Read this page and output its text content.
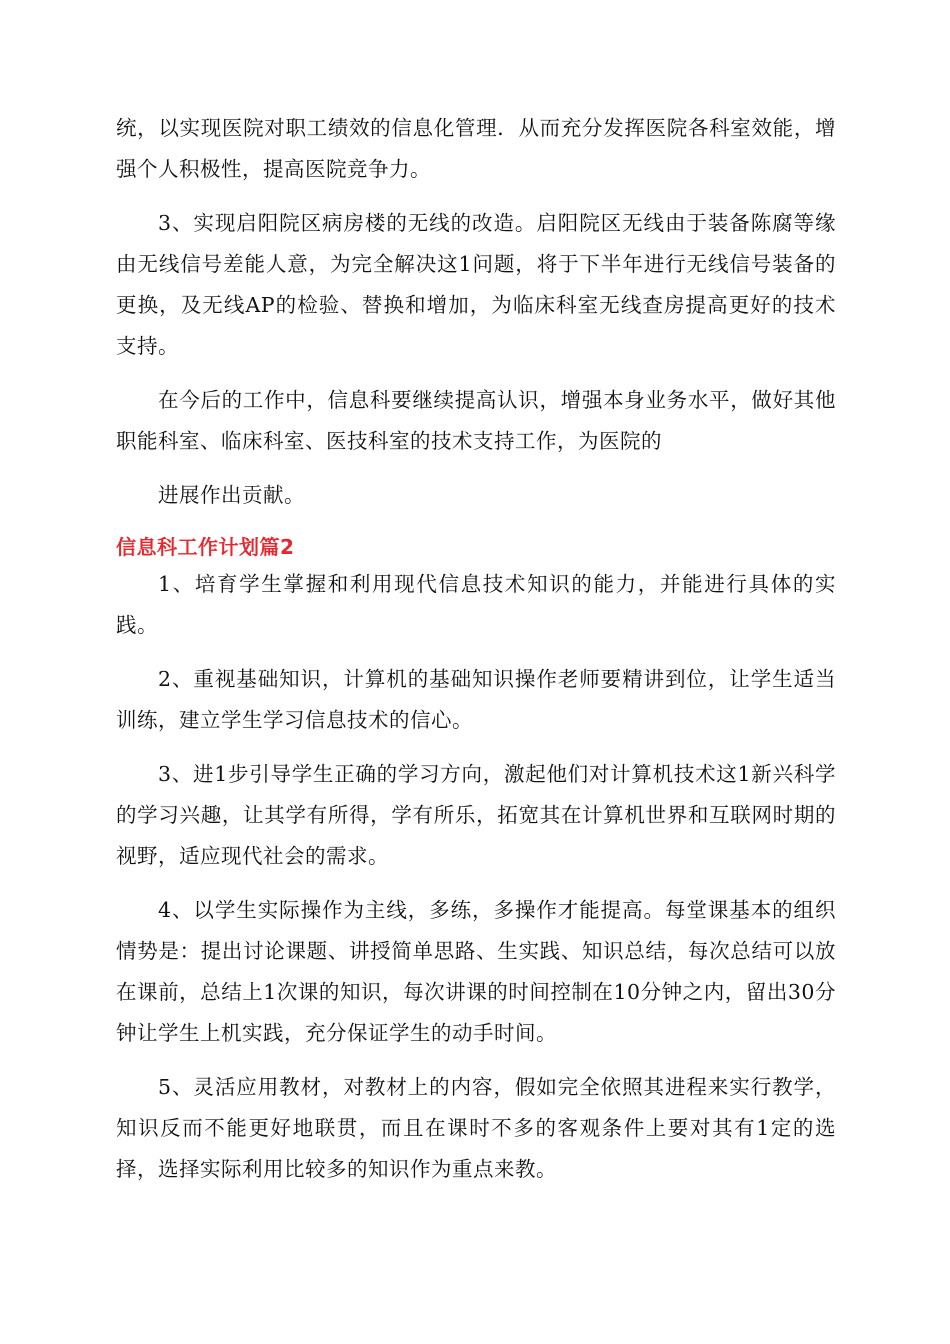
统，以实现医院对职工绩效的信息化管理．从而充分发挥医院各科室效能，增强个人积极性，提高医院竞争力。

3、实现启阳院区病房楼的无线的改造。启阳院区无线由于装备陈腐等缘由无线信号差能人意，为完全解决这1问题，将于下半年进行无线信号装备的更换，及无线AP的检验、替换和增加，为临床科室无线查房提高更好的技术支持。

在今后的工作中，信息科要继续提高认识，增强本身业务水平，做好其他职能科室、临床科室、医技科室的技术支持工作，为医院的

进展作出贡献。

信息科工作计划篇2

1、培育学生掌握和利用现代信息技术知识的能力，并能进行具体的实践。

2、重视基础知识，计算机的基础知识操作老师要精讲到位，让学生适当训练，建立学生学习信息技术的信心。

3、进1步引导学生正确的学习方向，激起他们对计算机技术这1新兴科学的学习兴趣，让其学有所得，学有所乐，拓宽其在计算机世界和互联网时期的视野，适应现代社会的需求。

4、以学生实际操作为主线，多练，多操作才能提高。每堂课基本的组织情势是：提出讨论课题、讲授简单思路、生实践、知识总结，每次总结可以放在课前，总结上1次课的知识，每次讲课的时间控制在10分钟之内，留出30分钟让学生上机实践，充分保证学生的动手时间。

5、灵活应用教材，对教材上的内容，假如完全依照其进程来实行教学，知识反而不能更好地联贯，而且在课时不多的客观条件上要对其有1定的选择，选择实际利用比较多的知识作为重点来教。
